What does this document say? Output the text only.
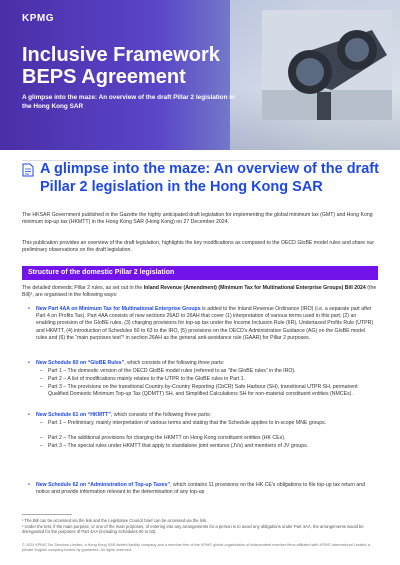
KPMG
Inclusive Framework BEPS Agreement
A glimpse into the maze: An overview of the draft Pillar 2 legislation in the Hong Kong SAR
A glimpse into the maze: An overview of the draft Pillar 2 legislation in the Hong Kong SAR
The HKSAR Government published in the Gazette the highly anticipated draft legislation for implementing the global minimum tax (GMT) and Hong Kong minimum top-up tax (HKMTT) in the Hong Kong SAR (Hong Kong) on 27 December 2024.
This publication provides an overview of the draft legislation, highlights the key modifications as compared to the OECD GloBE model rules and share our preliminary observations on the draft legislation.
Structure of the domestic Pillar 2 legislation
The detailed domestic Pillar 2 rules, as set out in the Inland Revenue (Amendment) (Minimum Tax for Multinational Enterprise Groups) Bill 2024 (the Bill)¹, are organised in the following ways:
• New Part 4AA on Minimum Tax for Multinational Enterprise Groups is added to the Inland Revenue Ordinance (IRO) (i.e. a separate part after Part 4 on Profits Tax). Part 4AA consists of new sections 26AD to 26AH that cover (1) interpretation of various terms used in this part; (2) an enabling provision of the GloBE rules, (3) charging provisions for top-up tax under the Income Inclusion Rule (IIR), Undertaxed Profits Rule (UTPR) and HKMTT, (4) introduction of Schedules 60 to 63 to the IRO, (5) provisions on the OECD's Administrative Guidance (AG) on the GloBE model rules and (6) the “main purposes test”² in section 26AH as the general anti-avoidance rule (GAAR) for Pillar 2 purposes.
• New Schedule 60 on “GloBE Rules”, which consists of the following three parts:
– Part 1 – The domestic version of the OECD GloBE model rules (referred to as “the GloBE rules” in the IRO).
– Part 2 – A list of modifications mainly relates to the UTPR to the GloBE rules in Part 1.
– Part 3 – The provisions on the transitional Country-by-Country Reporting (CbCR) Safe Harbour (SH), transitional UTPR SH, permanent Qualified Domestic Minimum Top-up Tax (QDMTT) SH, and Simplified Calculations SH for non-material constituent entities (NMCEs).
• New Schedule 61 on “HKMTT”, which consists of the following three parts:
– Part 1 – Preliminary, mainly interpretation of various terms and stating that the Schedule applies to in-scope MNE groups.
– Part 2 – The additional provisions for charging the HKMTT on Hong Kong constituent entities (HK CEs).
– Part 3 – The special rules under HKMTT that apply to standalone joint ventures (JVs) and members of JV groups.
• New Schedule 62 on “Administration of Top-up Taxes”, which contains 11 provisions on the HK CE's obligations to file top-up tax return and notice and provide information relevant to the determination of any top-up
¹ The Bill can be accessed via the link and the Legislative Council brief can be accessed via the link.
² Under the test, if the main purpose, or one of the main purposes, of entering into any arrangements for a person is to avoid any obligations under Part 4AA, the arrangements would be disregarded for the purposes of Part 4AA (including Schedules 60 to 63).
© 2024 KPMG Tax Services Limited, a Hong Kong SAR limited liability company and a member firm of the KPMG global organisation of independent member firms affiliated with KPMG International Limited, a private English company limited by guarantee. All rights reserved.
